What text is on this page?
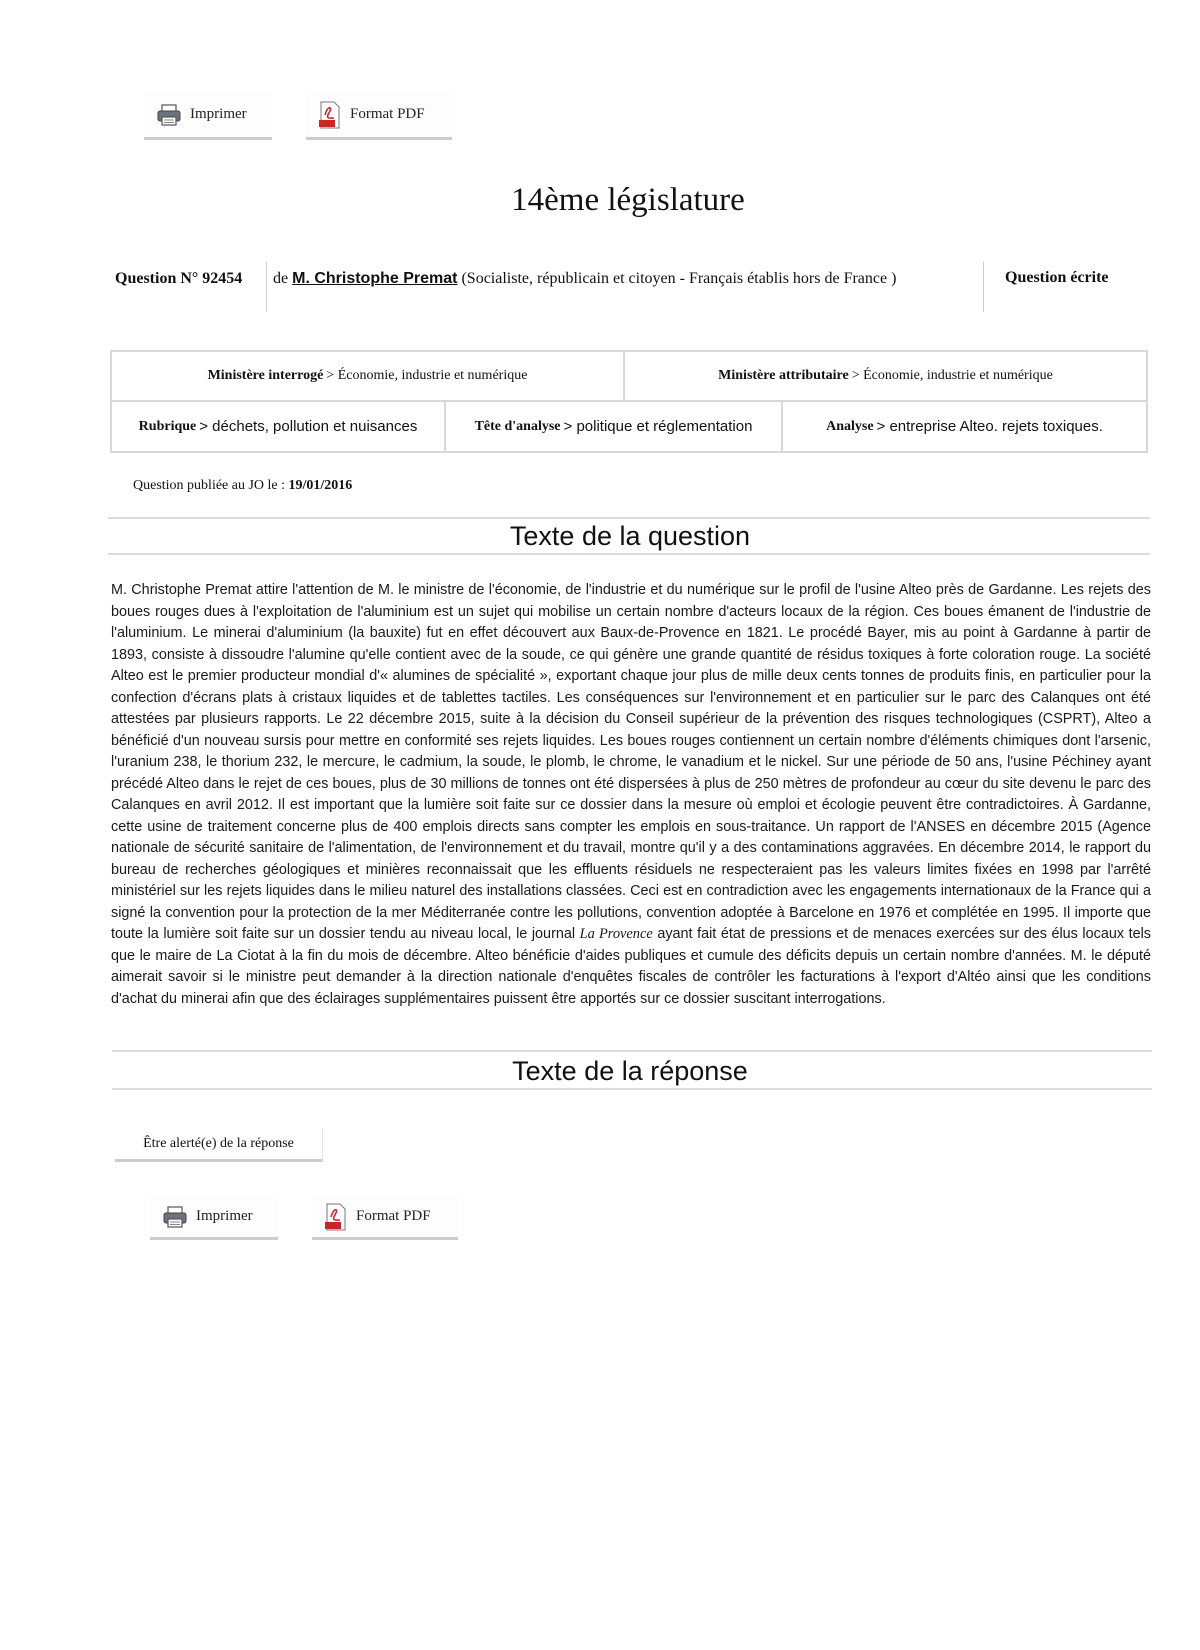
Imprimer	Format PDF
14ème législature
Question N° 92454 de M. Christophe Premat (Socialiste, républicain et citoyen - Français établis hors de France )	Question écrite
Ministère interrogé > Économie, industrie et numérique	Ministère attributaire > Économie, industrie et numérique
Rubrique > déchets, pollution et nuisances	Tête d'analyse > politique et réglementation	Analyse > entreprise Alteo. rejets toxiques.
Question publiée au JO le : 19/01/2016
Texte de la question
M. Christophe Premat attire l'attention de M. le ministre de l'économie, de l'industrie et du numérique sur le profil de l'usine Alteo près de Gardanne. Les rejets des boues rouges dues à l'exploitation de l'aluminium est un sujet qui mobilise un certain nombre d'acteurs locaux de la région. Ces boues émanent de l'industrie de l'aluminium. Le minerai d'aluminium (la bauxite) fut en effet découvert aux Baux-de-Provence en 1821. Le procédé Bayer, mis au point à Gardanne à partir de 1893, consiste à dissoudre l'alumine qu'elle contient avec de la soude, ce qui génère une grande quantité de résidus toxiques à forte coloration rouge. La société Alteo est le premier producteur mondial d'« alumines de spécialité », exportant chaque jour plus de mille deux cents tonnes de produits finis, en particulier pour la confection d'écrans plats à cristaux liquides et de tablettes tactiles. Les conséquences sur l'environnement et en particulier sur le parc des Calanques ont été attestées par plusieurs rapports. Le 22 décembre 2015, suite à la décision du Conseil supérieur de la prévention des risques technologiques (CSPRT), Alteo a bénéficié d'un nouveau sursis pour mettre en conformité ses rejets liquides. Les boues rouges contiennent un certain nombre d'éléments chimiques dont l'arsenic, l'uranium 238, le thorium 232, le mercure, le cadmium, la soude, le plomb, le chrome, le vanadium et le nickel. Sur une période de 50 ans, l'usine Péchiney ayant précédé Alteo dans le rejet de ces boues, plus de 30 millions de tonnes ont été dispersées à plus de 250 mètres de profondeur au cœur du site devenu le parc des Calanques en avril 2012. Il est important que la lumière soit faite sur ce dossier dans la mesure où emploi et écologie peuvent être contradictoires. À Gardanne, cette usine de traitement concerne plus de 400 emplois directs sans compter les emplois en sous-traitance. Un rapport de l'ANSES en décembre 2015 (Agence nationale de sécurité sanitaire de l'alimentation, de l'environnement et du travail, montre qu'il y a des contaminations aggravées. En décembre 2014, le rapport du bureau de recherches géologiques et minières reconnaissait que les effluents résiduels ne respecteraient pas les valeurs limites fixées en 1998 par l'arrêté ministériel sur les rejets liquides dans le milieu naturel des installations classées. Ceci est en contradiction avec les engagements internationaux de la France qui a signé la convention pour la protection de la mer Méditerranée contre les pollutions, convention adoptée à Barcelone en 1976 et complétée en 1995. Il importe que toute la lumière soit faite sur un dossier tendu au niveau local, le journal La Provence ayant fait état de pressions et de menaces exercées sur des élus locaux tels que le maire de La Ciotat à la fin du mois de décembre. Alteo bénéficie d'aides publiques et cumule des déficits depuis un certain nombre d'années. M. le député aimerait savoir si le ministre peut demander à la direction nationale d'enquêtes fiscales de contrôler les facturations à l'export d'Altéo ainsi que les conditions d'achat du minerai afin que des éclairages supplémentaires puissent être apportés sur ce dossier suscitant interrogations.
Texte de la réponse
Être alerté(e) de la réponse
Imprimer	Format PDF
